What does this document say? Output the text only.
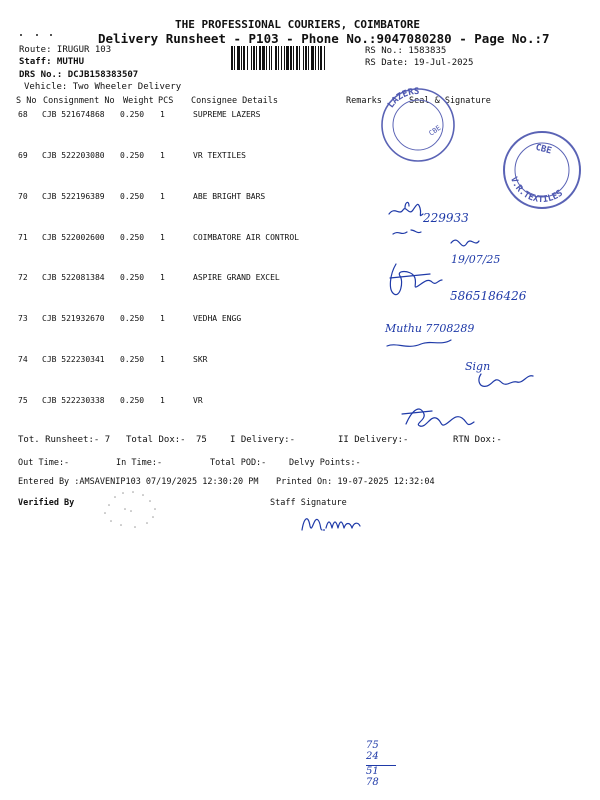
THE PROFESSIONAL COURIERS, COIMBATORE
Delivery Runsheet - P103 - Phone No.:9047080280 - Page No.:7
Route: IRUGUR 103
Staff: MUTHU
DRS No.: DCJB158383507
Vehicle: Two Wheeler Delivery
RS No.: 1583835
RS Date: 19-Jul-2025
S No Consignment No Weight PCS Consignee Details	Remarks	Seal & Signature
68 CJB 521674868 0.250 1	SUPREME LAZERS
69 CJB 522203080 0.250 1	VR TEXTILES
70 CJB 522196389 0.250 1	ABE BRIGHT BARS
71 CJB 522002600 0.250 1	COIMBATORE AIR CONTROL
72 CJB 522081384 0.250 1	ASPIRE GRAND EXCEL
73 CJB 521932670 0.250 1	VEDHA ENGG
74 CJB 522230341 0.250 1	SKR
75 CJB 522230338 0.250 1	VR
Tot. Runsheet:- 7 Total Dox:- 75	I Delivery:-	II Delivery:-	RTN Dox:-
Out Time:-	In Time:-	Total POD:-	Delvy Points:-
Entered By :AMSAVENIP103 07/19/2025 12:30:20 PM Printed On: 19-07-2025 12:32:04
Verified By	Staff Signature
LAZERS
CBE
V.R.TEXTILES
CBE
229933
19/07/25
5865186426
Muthu 7708289
Sign
75
24
51
78
